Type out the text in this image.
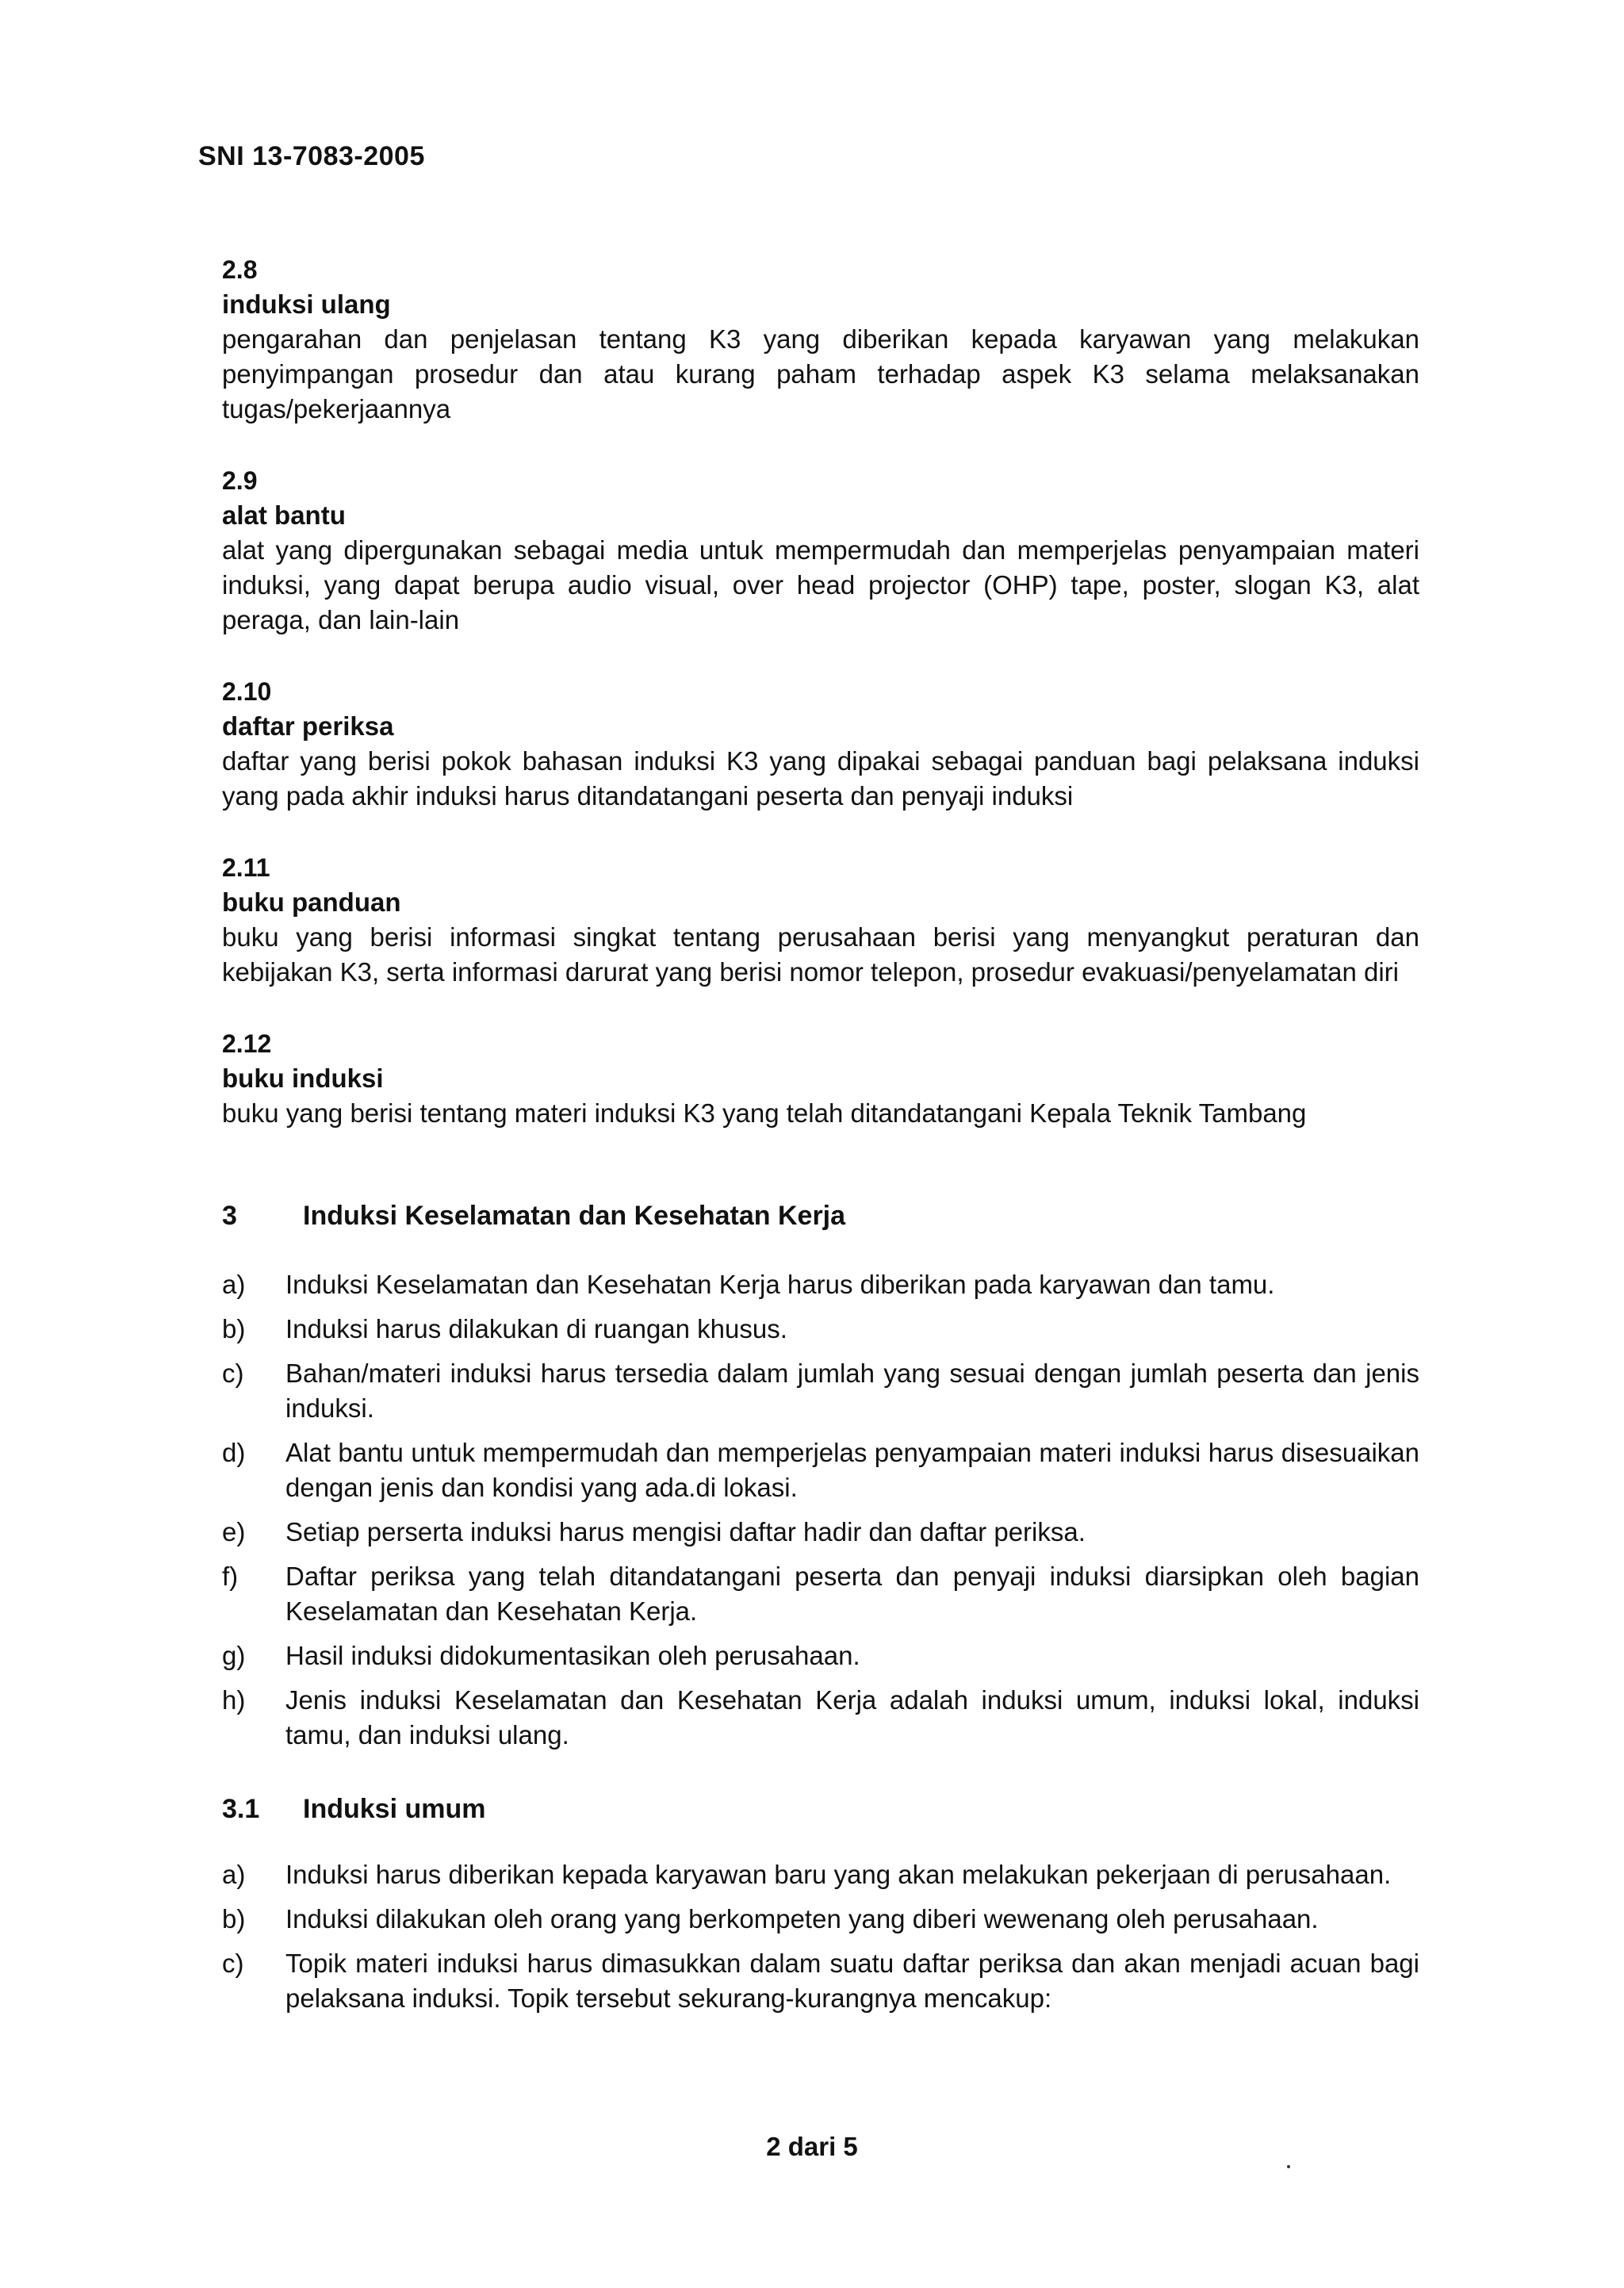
SNI 13-7083-2005
2.8
induksi ulang
pengarahan dan penjelasan tentang K3 yang diberikan kepada karyawan yang melakukan penyimpangan prosedur dan atau kurang paham terhadap aspek K3 selama melaksanakan tugas/pekerjaannya
2.9
alat bantu
alat yang dipergunakan sebagai media untuk mempermudah dan memperjelas penyampaian materi induksi, yang dapat berupa audio visual, over head projector (OHP) tape, poster, slogan K3, alat peraga, dan lain-lain
2.10
daftar periksa
daftar yang berisi pokok bahasan induksi K3 yang dipakai sebagai panduan bagi pelaksana induksi yang pada akhir induksi harus ditandatangani peserta dan penyaji induksi
2.11
buku panduan
buku yang berisi informasi singkat tentang perusahaan berisi yang menyangkut peraturan dan kebijakan K3, serta informasi darurat yang berisi nomor telepon, prosedur evakuasi/penyelamatan diri
2.12
buku induksi
buku yang berisi tentang materi induksi K3 yang telah ditandatangani Kepala Teknik Tambang
3	Induksi Keselamatan dan Kesehatan Kerja
a)	Induksi Keselamatan dan Kesehatan Kerja harus diberikan pada karyawan dan tamu.
b)	Induksi harus dilakukan di ruangan khusus.
c)	Bahan/materi induksi harus tersedia dalam jumlah yang sesuai dengan jumlah peserta dan jenis induksi.
d)	Alat bantu untuk mempermudah dan memperjelas penyampaian materi induksi harus disesuaikan dengan jenis dan kondisi yang ada.di lokasi.
e)	Setiap perserta induksi harus mengisi daftar hadir dan daftar periksa.
f)	Daftar periksa yang telah ditandatangani peserta dan penyaji induksi diarsipkan oleh bagian Keselamatan dan Kesehatan Kerja.
g)	Hasil induksi didokumentasikan oleh perusahaan.
h)	Jenis induksi Keselamatan dan Kesehatan Kerja adalah induksi umum, induksi lokal, induksi tamu, dan induksi ulang.
3.1	Induksi umum
a)	Induksi harus diberikan kepada karyawan baru yang akan melakukan pekerjaan di perusahaan.
b)	Induksi dilakukan oleh orang yang berkompeten yang diberi wewenang oleh perusahaan.
c)	Topik materi induksi harus dimasukkan dalam suatu daftar periksa dan akan menjadi acuan bagi pelaksana induksi. Topik tersebut sekurang-kurangnya mencakup:
2 dari 5
